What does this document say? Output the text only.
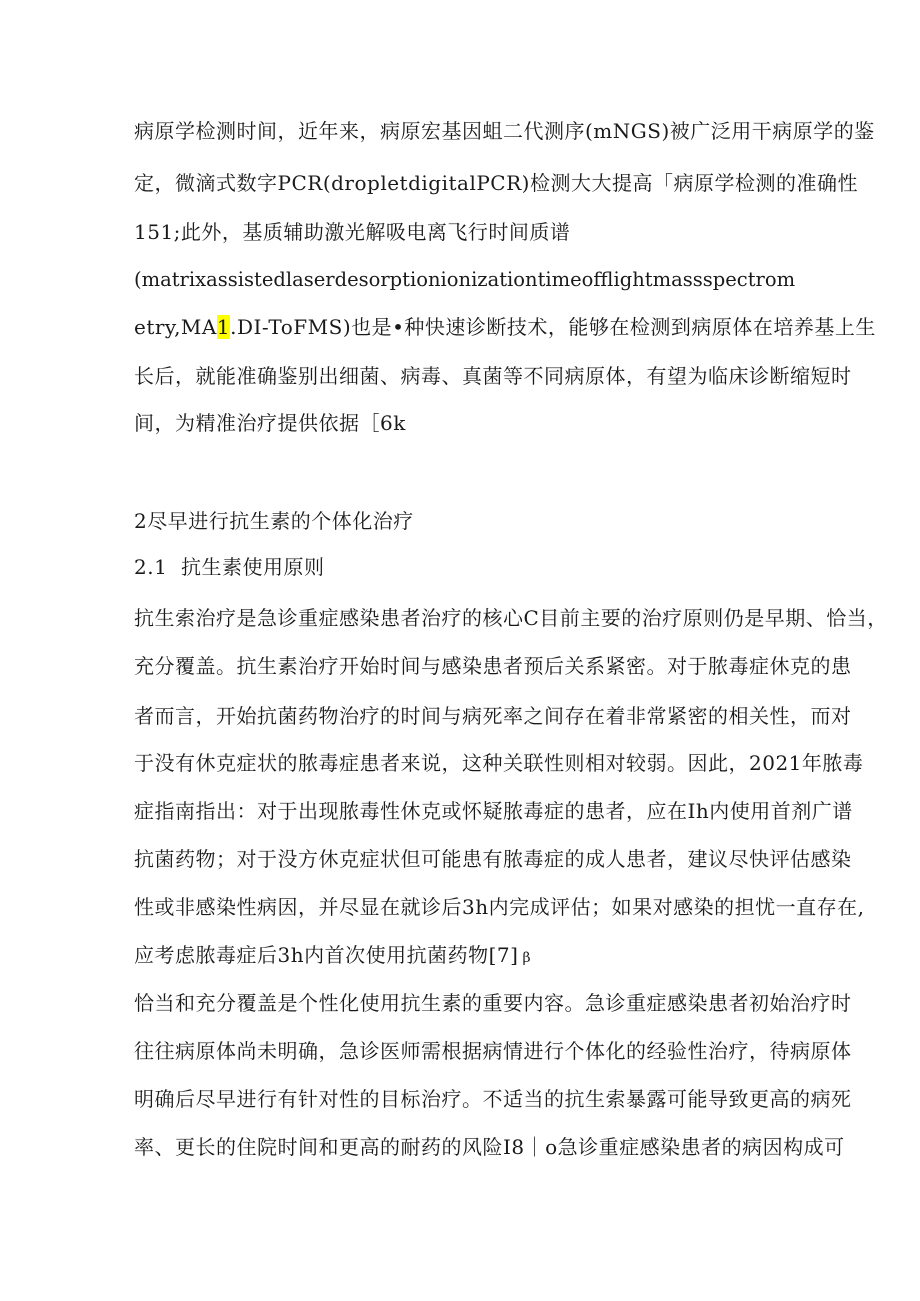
病原学检测时间，近年来，病原宏基因蛆二代测序(mNGS)被广泛用干病原学的鉴
定，微滴式数字PCR(dropletdigitalPCR)检测大大提高「病原学检测的准确性
151;此外，基质辅助激光解吸电离飞行时间质谱
(matrixassistedlaserdesorptionionizationtimeofflightmassspectrom
etry,MA1.DI-ToFMS)也是•种快速诊断技术，能够在检测到病原体在培养基上生
长后，就能准确鉴别出细菌、病毒、真菌等不同病原体，有望为临床诊断缩短时
间，为精准治疗提供依据［6k
2尽早进行抗生素的个体化治疗
2.1  抗生素使用原则
抗生索治疗是急诊重症感染患者治疗的核心C目前主要的治疗原则仍是早期、恰当，
充分覆盖。抗生素治疗开始时间与感染患者预后关系紧密。对于脓毒症休克的患
者而言，开始抗菌药物治疗的时间与病死率之间存在着非常紧密的相关性，而对
于没有休克症状的脓毒症患者来说，这种关联性则相对较弱。因此，2021年脓毒
症指南指出：对于出现脓毒性休克或怀疑脓毒症的患者，应在Ih内使用首剂广谱
抗菌药物；对于没方休克症状但可能患有脓毒症的成人患者，建议尽快评估感染
性或非感染性病因，并尽显在就诊后3h内完成评估；如果对感染的担忧一直存在,
应考虑脓毒症后3h内首次使用抗菌药物[7] β
恰当和充分覆盖是个性化使用抗生素的重要内容。急诊重症感染患者初始治疗时
往往病原体尚未明确，急诊医师需根据病情进行个体化的经验性治疗，待病原体
明确后尽早进行有针对性的目标治疗。不适当的抗生索暴露可能导致更高的病死
率、更长的住院时间和更高的耐药的风险I8｜o急诊重症感染患者的病因构成可
